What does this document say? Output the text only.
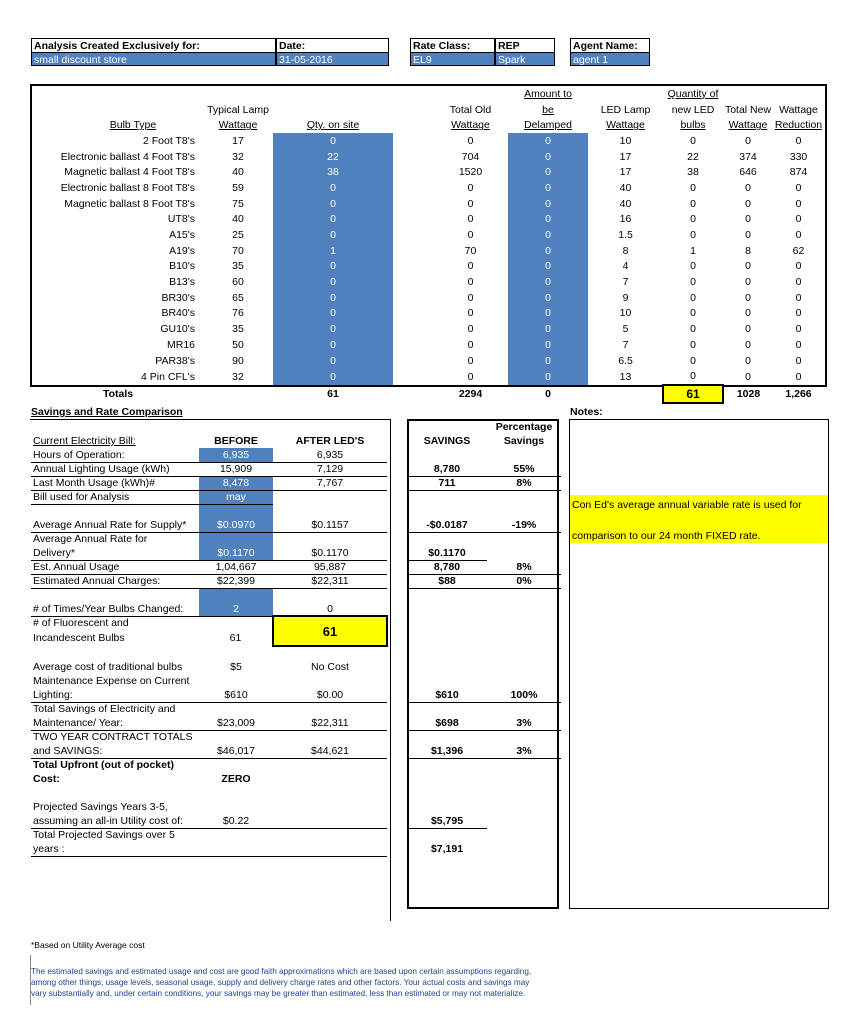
Analysis Created Exclusively for:
small discount store
Date:
31-05-2016
Rate Class:
EL9
REP
Spark
Agent Name:
agent 1
					Amount to		Quantity of		
	Typical Lamp			Total Old	be	LED Lamp	new LED	Total New	Wattage
Bulb Type	Wattage	Qty. on site		Wattage	Delamped	Wattage	bulbs	Wattage	Reduction
2 Foot T8's	17	0		0	0	10	0	0	0
Electronic ballast 4 Foot T8's	32	22		704	0	17	22	374	330
Magnetic ballast 4 Foot T8's	40	38		1520	0	17	38	646	874
Electronic ballast 8 Foot T8's	59	0		0	0	40	0	0	0
Magnetic ballast 8 Foot T8's	75	0		0	0	40	0	0	0
UT8's	40	0		0	0	16	0	0	0
A15's	25	0		0	0	1.5	0	0	0
A19's	70	1		70	0	8	1	8	62
B10's	35	0		0	0	4	0	0	0
B13's	60	0		0	0	7	0	0	0
BR30's	65	0		0	0	9	0	0	0
BR40's	76	0		0	0	10	0	0	0
GU10's	35	0		0	0	5	0	0	0
MR16	50	0		0	0	7	0	0	0
PAR38's	90	0		0	0	6.5	0	0	0
4 Pin CFL's	32	0		0	0	13	0	0	0
Totals		61		2294	0		61	1028	1,266
Savings and Rate Comparison	Notes:
Con Ed's average annual variable rate is used for
comparison to our 24 month FIXED rate.
					Percentage
Current Electricity Bill:	BEFORE	AFTER LED'S		SAVINGS	Savings
Hours of Operation:	6,935	6,935			
Annual Lighting Usage (kWh)	15,909	7,129		8,780	55%
Last Month Usage (kWh)#	8,478	7,767		711	8%
Bill used for Analysis	may				

Average Annual Rate for Supply*	$0.0970	$0.1157		-$0.0187	-19%
Average Annual Rate for					
Delivery*	$0.1170	$0.1170		$0.1170	
Est. Annual Usage	1,04,667	95,887		8,780	8%
Estimated Annual Charges:	$22,399	$22,311		$88	0%

# of Times/Year Bulbs Changed:	2	0			
# of Fluorescent and		61			
Incandescent Bulbs	61				

Average cost of traditional bulbs	$5	No Cost			
Maintenance Expense on Current					
Lighting:	$610	$0.00		$610	100%
Total Savings of Electricity and					
Maintenance/ Year:	$23,009	$22,311		$698	3%
TWO YEAR CONTRACT TOTALS					
and SAVINGS:	$46,017	$44,621		$1,396	3%
Total Upfront (out of pocket)					
Cost:	ZERO				

Projected Savings Years 3-5,					
assuming an all-in Utility cost of:	$0.22			$5,795	
Total Projected Savings over 5					
years :				$7,191	
*Based on Utility Average cost
The estimated savings and estimated usage and cost are good faith approximations which are based upon certain assumptions regarding,
among other things, usage levels, seasonal usage, supply and delivery charge rates and other factors. Your actual costs and savings may
vary substantially and, under certain conditions, your savings may be greater than estimated, less than estimated or may not materialize.
